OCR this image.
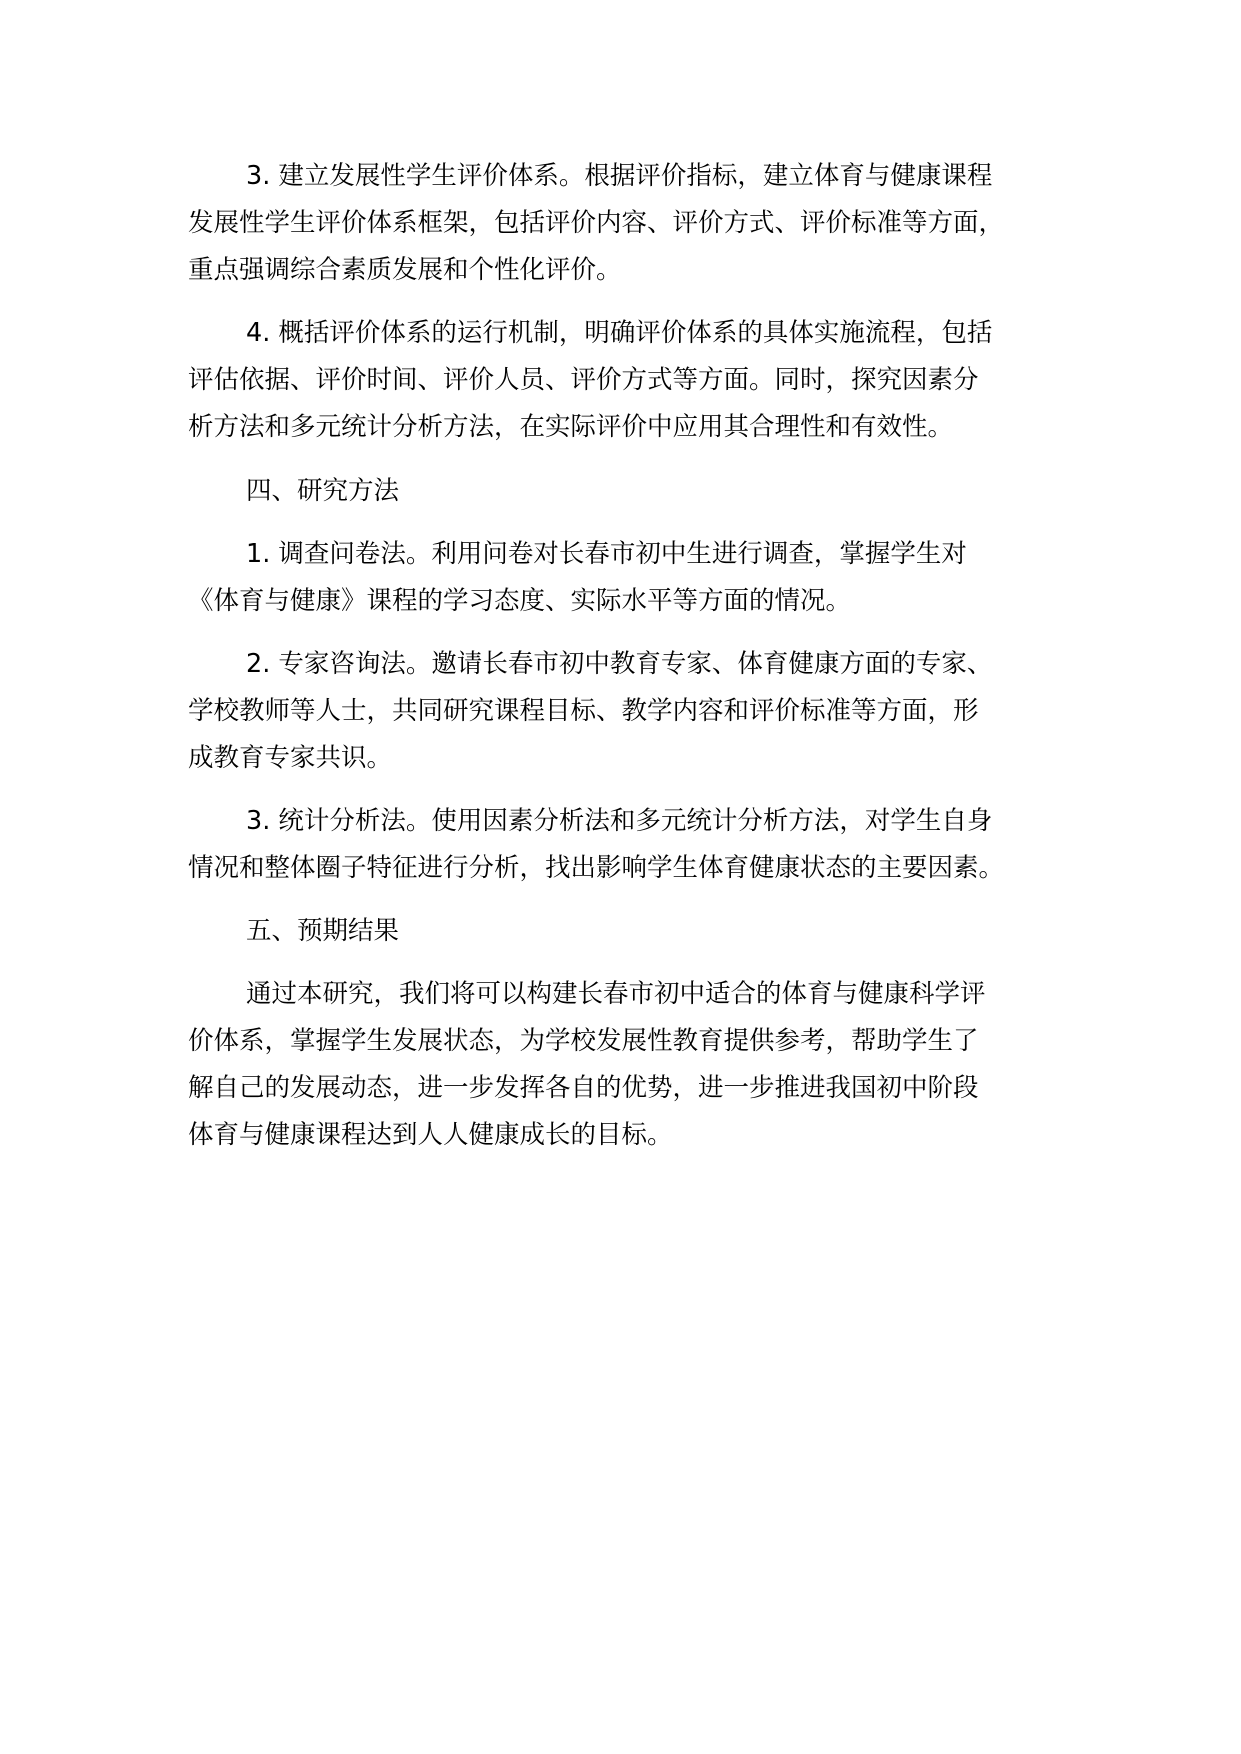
3. 建立发展性学生评价体系。根据评价指标，建立体育与健康课程
发展性学生评价体系框架，包括评价内容、评价方式、评价标准等方面，
重点强调综合素质发展和个性化评价。
4. 概括评价体系的运行机制，明确评价体系的具体实施流程，包括
评估依据、评价时间、评价人员、评价方式等方面。同时，探究因素分
析方法和多元统计分析方法，在实际评价中应用其合理性和有效性。
四、研究方法
1. 调查问卷法。利用问卷对长春市初中生进行调查，掌握学生对
《体育与健康》课程的学习态度、实际水平等方面的情况。
2. 专家咨询法。邀请长春市初中教育专家、体育健康方面的专家、
学校教师等人士，共同研究课程目标、教学内容和评价标准等方面，形
成教育专家共识。
3. 统计分析法。使用因素分析法和多元统计分析方法，对学生自身
情况和整体圈子特征进行分析，找出影响学生体育健康状态的主要因素。
五、预期结果
通过本研究，我们将可以构建长春市初中适合的体育与健康科学评
价体系，掌握学生发展状态，为学校发展性教育提供参考，帮助学生了
解自己的发展动态，进一步发挥各自的优势，进一步推进我国初中阶段
体育与健康课程达到人人健康成长的目标。
